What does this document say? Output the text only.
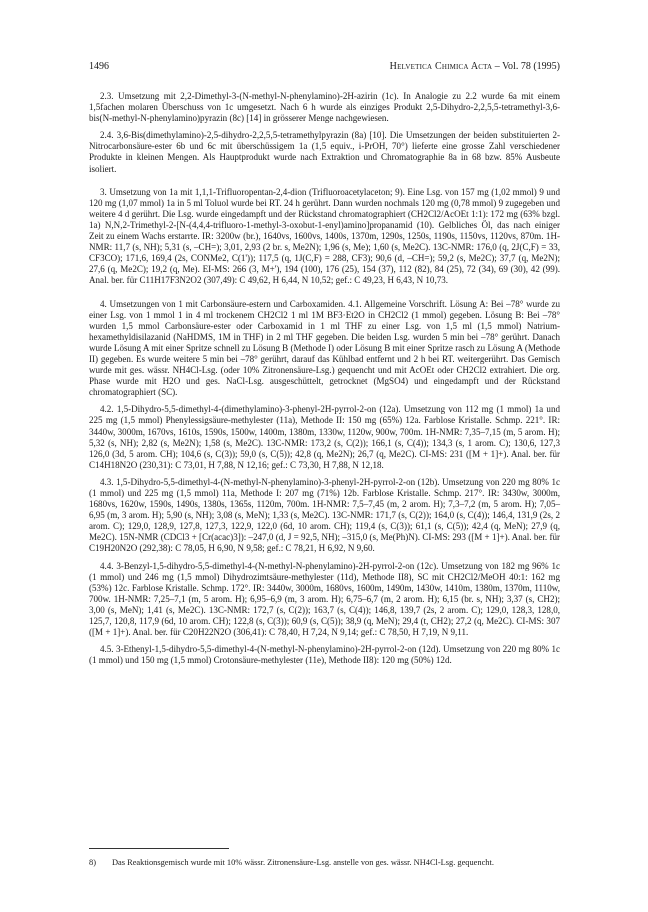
1496	Helvetica Chimica Acta – Vol. 78 (1995)

2.3. Umsetzung mit 2,2-Dimethyl-3-(N-methyl-N-phenylamino)-2H-azirin (1c). In Analogie zu 2.2 wurde 6a mit einem 1,5fachen molaren Überschuss von 1c umgesetzt. Nach 6 h wurde als einziges Produkt 2,5-Dihydro-2,2,5,5-tetramethyl-3,6-bis(N-methyl-N-phenylamino)pyrazin (8c) [14] in grösserer Menge nachgewiesen.

2.4. 3,6-Bis(dimethylamino)-2,5-dihydro-2,2,5,5-tetramethylpyrazin (8a) [10]. Die Umsetzungen der beiden substituierten 2-Nitrocarbonsäure-ester 6b und 6c mit überschüssigem 1a (1,5 equiv., i-PrOH, 70°) lieferte eine grosse Zahl verschiedener Produkte in kleinen Mengen. Als Hauptprodukt wurde nach Extraktion und Chromatographie 8a in 68 bzw. 85% Ausbeute isoliert.

3. Umsetzung von 1a mit 1,1,1-Trifluoropentan-2,4-dion (Trifluoroacetylaceton; 9). Eine Lsg. von 157 mg (1,02 mmol) 9 und 120 mg (1,07 mmol) 1a in 5 ml Toluol wurde bei RT. 24 h gerührt. Dann wurden nochmals 120 mg (0,78 mmol) 9 zugegeben und weitere 4 d gerührt. Die Lsg. wurde eingedampft und der Rückstand chromatographiert (CH2Cl2/AcOEt 1:1): 172 mg (63% bzgl. 1a) N,N,2-Trimethyl-2-[N-(4,4,4-trifluoro-1-methyl-3-oxobut-1-enyl)amino]propanamid (10). Gelbliches Öl, das nach einiger Zeit zu einem Wachs erstarrte. IR: 3200w (br.), 1640vs, 1600vs, 1400s, 1370m, 1290s, 1250s, 1190s, 1150vs, 1120vs, 870m. 1H-NMR: 11,7 (s, NH); 5,31 (s, –CH=); 3,01, 2,93 (2 br. s, Me2N); 1,96 (s, Me); 1,60 (s, Me2C). 13C-NMR: 176,0 (q, 2J(C,F) = 33, CF3CO); 171,6, 169,4 (2s, CONMe2, C(1')); 117,5 (q, 1J(C,F) = 288, CF3); 90,6 (d, –CH=); 59,2 (s, Me2C); 37,7 (q, Me2N); 27,6 (q, Me2C); 19,2 (q, Me). EI-MS: 266 (3, M+'), 194 (100), 176 (25), 154 (37), 112 (82), 84 (25), 72 (34), 69 (30), 42 (99). Anal. ber. für C11H17F3N2O2 (307,49): C 49,62, H 6,44, N 10,52; gef.: C 49,23, H 6,43, N 10,73.

4. Umsetzungen von 1 mit Carbonsäure-estern und Carboxamiden. 4.1. Allgemeine Vorschrift. Lösung A: Bei –78° wurde zu einer Lsg. von 1 mmol 1 in 4 ml trockenem CH2Cl2 1 ml 1M BF3·Et2O in CH2Cl2 (1 mmol) gegeben. Lösung B: Bei –78° wurden 1,5 mmol Carbonsäure-ester oder Carboxamid in 1 ml THF zu einer Lsg. von 1,5 ml (1,5 mmol) Natrium-hexamethyldisilazanid (NaHDMS, 1M in THF) in 2 ml THF gegeben. Die beiden Lsg. wurden 5 min bei –78° gerührt. Danach wurde Lösung A mit einer Spritze schnell zu Lösung B (Methode I) oder Lösung B mit einer Spritze rasch zu Lösung A (Methode II) gegeben. Es wurde weitere 5 min bei –78° gerührt, darauf das Kühlbad entfernt und 2 h bei RT. weitergerührt. Das Gemisch wurde mit ges. wässr. NH4Cl-Lsg. (oder 10% Zitronensäure-Lsg.) gequencht und mit AcOEt oder CH2Cl2 extrahiert. Die org. Phase wurde mit H2O und ges. NaCl-Lsg. ausgeschüttelt, getrocknet (MgSO4) und eingedampft und der Rückstand chromatographiert (SC).

4.2. 1,5-Dihydro-5,5-dimethyl-4-(dimethylamino)-3-phenyl-2H-pyrrol-2-on (12a). Umsetzung von 112 mg (1 mmol) 1a und 225 mg (1,5 mmol) Phenylessigsäure-methylester (11a), Methode II: 150 mg (65%) 12a. Farblose Kristalle. Schmp. 221°. IR: 3440w, 3000m, 1670vs, 1610s, 1590s, 1500w, 1400m, 1380m, 1330w, 1120w, 900w, 700m. 1H-NMR: 7,35–7,15 (m, 5 arom. H); 5,32 (s, NH); 2,82 (s, Me2N); 1,58 (s, Me2C). 13C-NMR: 173,2 (s, C(2)); 166,1 (s, C(4)); 134,3 (s, 1 arom. C); 130,6, 127,3 126,0 (3d, 5 arom. CH); 104,6 (s, C(3)); 59,0 (s, C(5)); 42,8 (q, Me2N); 26,7 (q, Me2C). CI-MS: 231 ([M + 1]+). Anal. ber. für C14H18N2O (230,31): C 73,01, H 7,88, N 12,16; gef.: C 73,30, H 7,88, N 12,18.

4.3. 1,5-Dihydro-5,5-dimethyl-4-(N-methyl-N-phenylamino)-3-phenyl-2H-pyrrol-2-on (12b). Umsetzung von 220 mg 80% 1c (1 mmol) und 225 mg (1,5 mmol) 11a, Methode I: 207 mg (71%) 12b. Farblose Kristalle. Schmp. 217°. IR: 3430w, 3000m, 1680vs, 1620w, 1590s, 1490s, 1380s, 1365s, 1120m, 700m. 1H-NMR: 7,5–7,45 (m, 2 arom. H); 7,3–7,2 (m, 5 arom. H); 7,05–6,95 (m, 3 arom. H); 5,90 (s, NH); 3,08 (s, MeN); 1,33 (s, Me2C). 13C-NMR: 171,7 (s, C(2)); 164,0 (s, C(4)); 146,4, 131,9 (2s, 2 arom. C); 129,0, 128,9, 127,8, 127,3, 122,9, 122,0 (6d, 10 arom. CH); 119,4 (s, C(3)); 61,1 (s, C(5)); 42,4 (q, MeN); 27,9 (q, Me2C). 15N-NMR (CDCl3 + [Cr(acac)3]): –247,0 (d, J = 92,5, NH); –315,0 (s, Me(Ph)N). CI-MS: 293 ([M + 1]+). Anal. ber. für C19H20N2O (292,38): C 78,05, H 6,90, N 9,58; gef.: C 78,21, H 6,92, N 9,60.

4.4. 3-Benzyl-1,5-dihydro-5,5-dimethyl-4-(N-methyl-N-phenylamino)-2H-pyrrol-2-on (12c). Umsetzung von 182 mg 96% 1c (1 mmol) und 246 mg (1,5 mmol) Dihydrozimtsäure-methylester (11d), Methode II8), SC mit CH2Cl2/MeOH 40:1: 162 mg (53%) 12c. Farblose Kristalle. Schmp. 172°. IR: 3440w, 3000m, 1680vs, 1600m, 1490m, 1430w, 1410m, 1380m, 1370m, 1110w, 700w. 1H-NMR: 7,25–7,1 (m, 5 arom. H); 6,95–6,9 (m, 3 arom. H); 6,75–6,7 (m, 2 arom. H); 6,15 (br. s, NH); 3,37 (s, CH2); 3,00 (s, MeN); 1,41 (s, Me2C). 13C-NMR: 172,7 (s, C(2)); 163,7 (s, C(4)); 146,8, 139,7 (2s, 2 arom. C); 129,0, 128,3, 128,0, 125,7, 120,8, 117,9 (6d, 10 arom. CH); 122,8 (s, C(3)); 60,9 (s, C(5)); 38,9 (q, MeN); 29,4 (t, CH2); 27,2 (q, Me2C). CI-MS: 307 ([M + 1]+). Anal. ber. für C20H22N2O (306,41): C 78,40, H 7,24, N 9,14; gef.: C 78,50, H 7,19, N 9,11.

4.5. 3-Ethenyl-1,5-dihydro-5,5-dimethyl-4-(N-methyl-N-phenylamino)-2H-pyrrol-2-on (12d). Umsetzung von 220 mg 80% 1c (1 mmol) und 150 mg (1,5 mmol) Crotonsäure-methylester (11e), Methode II8): 120 mg (50%) 12d.

8) Das Reaktionsgemisch wurde mit 10% wässr. Zitronensäure-Lsg. anstelle von ges. wässr. NH4Cl-Lsg. gequencht.
